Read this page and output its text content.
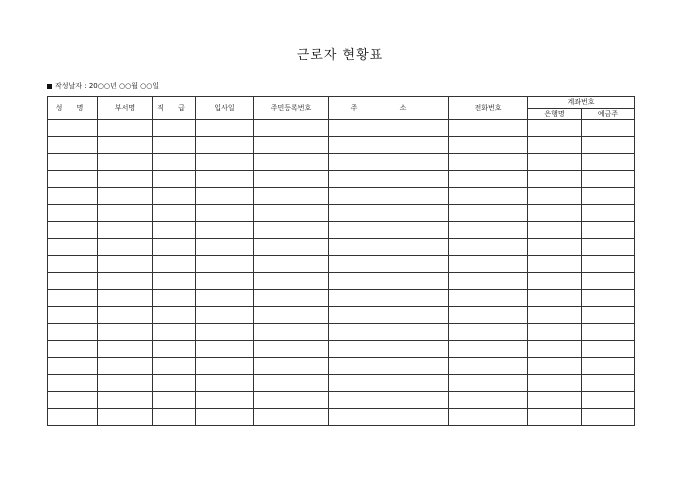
근로자 현황표
작성날자 : 20○○년 ○○월 ○○일
성 명	부서명	직 급	입사일	주민등록번호	주 소	전화번호	계좌번호	
							은행명	예금주
